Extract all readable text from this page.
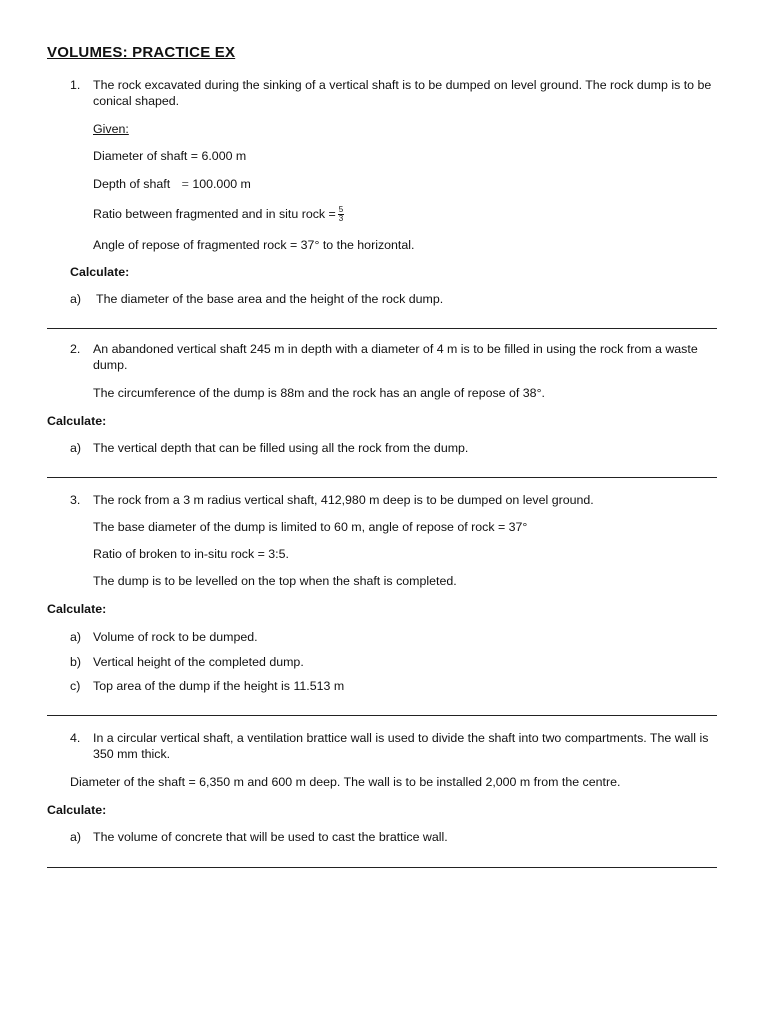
VOLUMES: PRACTICE EX
1.	The rock excavated during the sinking of a vertical shaft is to be dumped on level ground. The rock dump is to be conical shaped.
Given:
Diameter of shaft = 6.000 m
Depth of shaft = 100.000 m
Ratio between fragmented and in situ rock = $\frac{5}{3}$
Angle of repose of fragmented rock = 37° to the horizontal.
Calculate:
a)	The diameter of the base area and the height of the rock dump.
2.	An abandoned vertical shaft 245 m in depth with a diameter of 4 m is to be filled in using the rock from a waste dump.
The circumference of the dump is 88m and the rock has an angle of repose of 38°.
Calculate:
a) The vertical depth that can be filled using all the rock from the dump.
3.	The rock from a 3 m radius vertical shaft, 412,980 m deep is to be dumped on level ground.
The base diameter of the dump is limited to 60 m, angle of repose of rock = 37°
Ratio of broken to in-situ rock = 3:5.
The dump is to be levelled on the top when the shaft is completed.
Calculate:
a) Volume of rock to be dumped.
b) Vertical height of the completed dump.
c)	Top area of the dump if the height is 11.513 m
4.	In a circular vertical shaft, a ventilation brattice wall is used to divide the shaft into two compartments. The wall is 350 mm thick.
Diameter of the shaft = 6,350 m and 600 m deep. The wall is to be installed 2,000 m from the centre.
Calculate:
a) The volume of concrete that will be used to cast the brattice wall.
